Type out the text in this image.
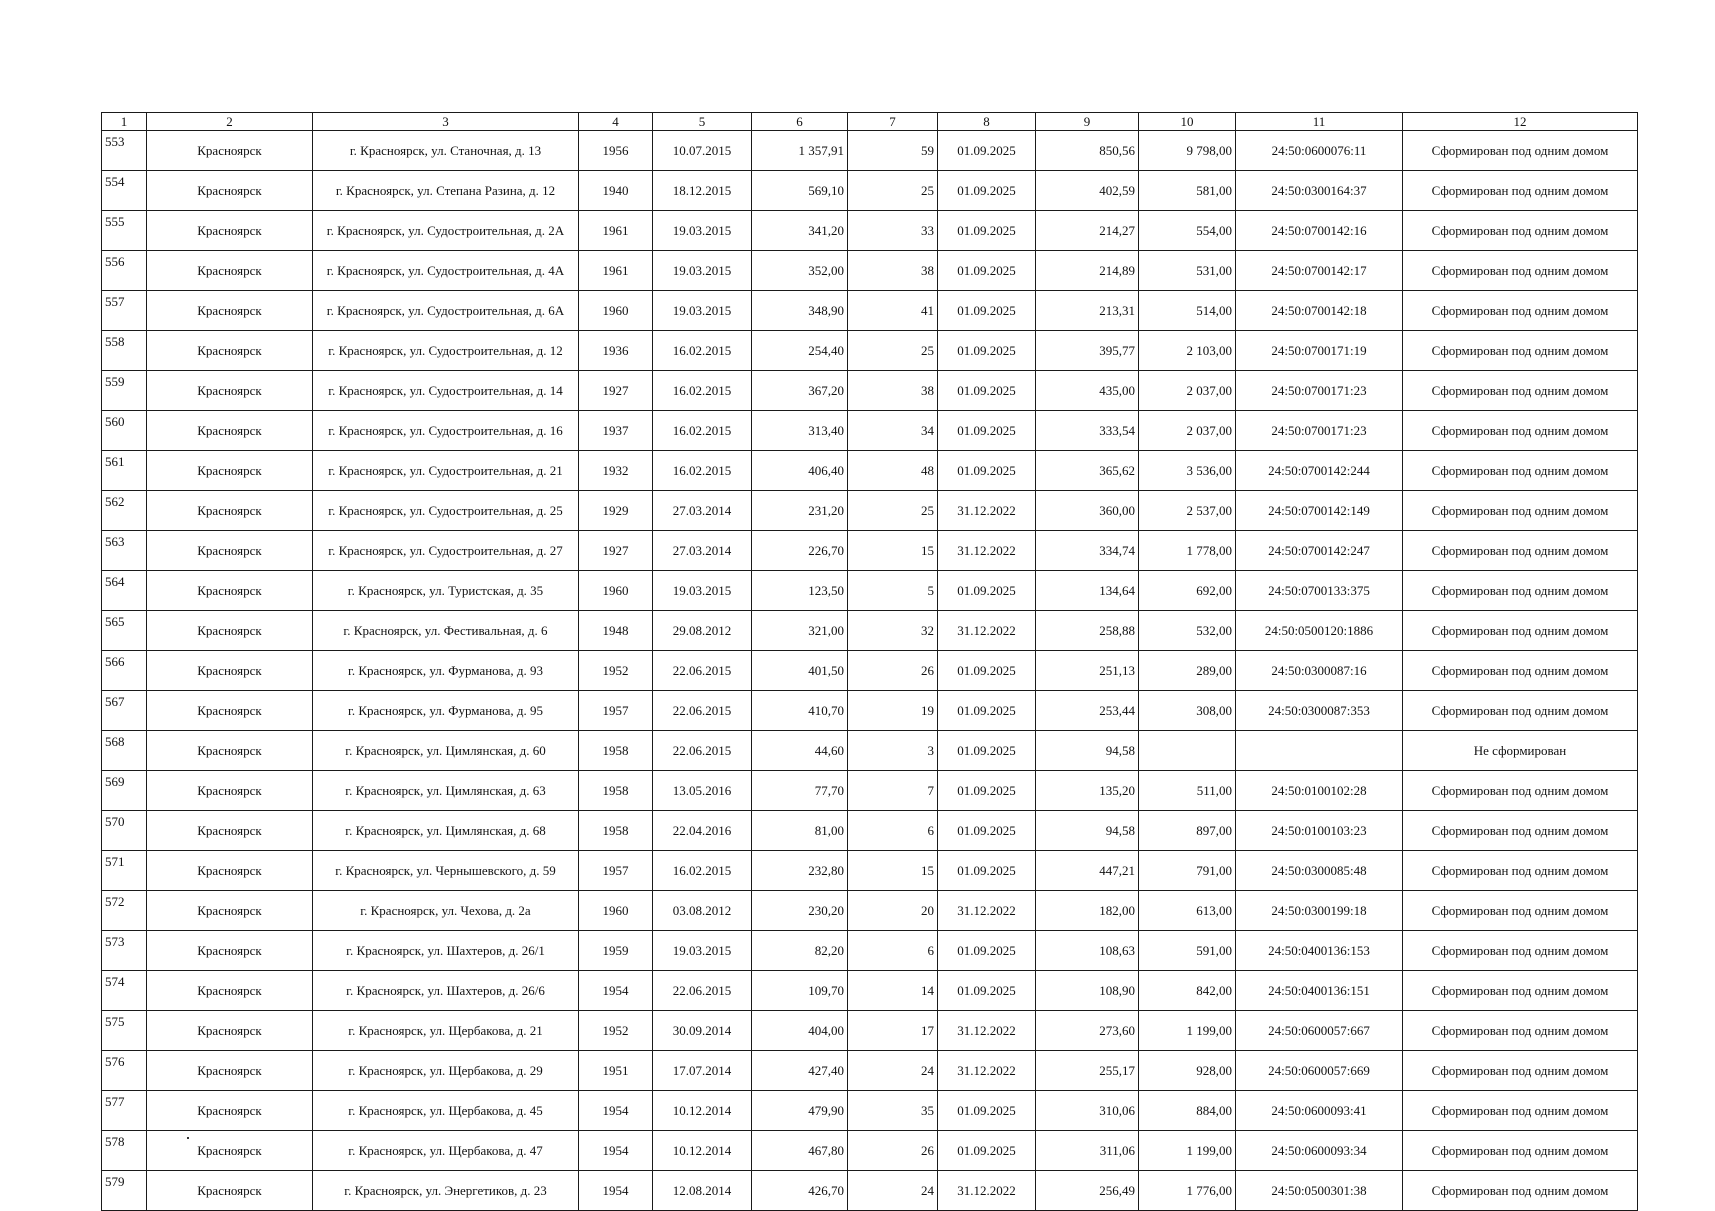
1	2	3	4	5	6	7	8	9	10	11	12
553	Красноярск	г. Красноярск, ул. Станочная, д. 13	1956	10.07.2015	1 357,91	59	01.09.2025	850,56	9 798,00	24:50:0600076:11	Сформирован под одним домом
554	Красноярск	г. Красноярск, ул. Степана Разина, д. 12	1940	18.12.2015	569,10	25	01.09.2025	402,59	581,00	24:50:0300164:37	Сформирован под одним домом
555	Красноярск	г. Красноярск, ул. Судостроительная, д. 2А	1961	19.03.2015	341,20	33	01.09.2025	214,27	554,00	24:50:0700142:16	Сформирован под одним домом
556	Красноярск	г. Красноярск, ул. Судостроительная, д. 4А	1961	19.03.2015	352,00	38	01.09.2025	214,89	531,00	24:50:0700142:17	Сформирован под одним домом
557	Красноярск	г. Красноярск, ул. Судостроительная, д. 6А	1960	19.03.2015	348,90	41	01.09.2025	213,31	514,00	24:50:0700142:18	Сформирован под одним домом
558	Красноярск	г. Красноярск, ул. Судостроительная, д. 12	1936	16.02.2015	254,40	25	01.09.2025	395,77	2 103,00	24:50:0700171:19	Сформирован под одним домом
559	Красноярск	г. Красноярск, ул. Судостроительная, д. 14	1927	16.02.2015	367,20	38	01.09.2025	435,00	2 037,00	24:50:0700171:23	Сформирован под одним домом
560	Красноярск	г. Красноярск, ул. Судостроительная, д. 16	1937	16.02.2015	313,40	34	01.09.2025	333,54	2 037,00	24:50:0700171:23	Сформирован под одним домом
561	Красноярск	г. Красноярск, ул. Судостроительная, д. 21	1932	16.02.2015	406,40	48	01.09.2025	365,62	3 536,00	24:50:0700142:244	Сформирован под одним домом
562	Красноярск	г. Красноярск, ул. Судостроительная, д. 25	1929	27.03.2014	231,20	25	31.12.2022	360,00	2 537,00	24:50:0700142:149	Сформирован под одним домом
563	Красноярск	г. Красноярск, ул. Судостроительная, д. 27	1927	27.03.2014	226,70	15	31.12.2022	334,74	1 778,00	24:50:0700142:247	Сформирован под одним домом
564	Красноярск	г. Красноярск, ул. Туристская, д. 35	1960	19.03.2015	123,50	5	01.09.2025	134,64	692,00	24:50:0700133:375	Сформирован под одним домом
565	Красноярск	г. Красноярск, ул. Фестивальная, д. 6	1948	29.08.2012	321,00	32	31.12.2022	258,88	532,00	24:50:0500120:1886	Сформирован под одним домом
566	Красноярск	г. Красноярск, ул. Фурманова, д. 93	1952	22.06.2015	401,50	26	01.09.2025	251,13	289,00	24:50:0300087:16	Сформирован под одним домом
567	Красноярск	г. Красноярск, ул. Фурманова, д. 95	1957	22.06.2015	410,70	19	01.09.2025	253,44	308,00	24:50:0300087:353	Сформирован под одним домом
568	Красноярск	г. Красноярск, ул. Цимлянская, д. 60	1958	22.06.2015	44,60	3	01.09.2025	94,58			Не сформирован
569	Красноярск	г. Красноярск, ул. Цимлянская, д. 63	1958	13.05.2016	77,70	7	01.09.2025	135,20	511,00	24:50:0100102:28	Сформирован под одним домом
570	Красноярск	г. Красноярск, ул. Цимлянская, д. 68	1958	22.04.2016	81,00	6	01.09.2025	94,58	897,00	24:50:0100103:23	Сформирован под одним домом
571	Красноярск	г. Красноярск, ул. Чернышевского, д. 59	1957	16.02.2015	232,80	15	01.09.2025	447,21	791,00	24:50:0300085:48	Сформирован под одним домом
572	Красноярск	г. Красноярск, ул. Чехова, д. 2а	1960	03.08.2012	230,20	20	31.12.2022	182,00	613,00	24:50:0300199:18	Сформирован под одним домом
573	Красноярск	г. Красноярск, ул. Шахтеров, д. 26/1	1959	19.03.2015	82,20	6	01.09.2025	108,63	591,00	24:50:0400136:153	Сформирован под одним домом
574	Красноярск	г. Красноярск, ул. Шахтеров, д. 26/6	1954	22.06.2015	109,70	14	01.09.2025	108,90	842,00	24:50:0400136:151	Сформирован под одним домом
575	Красноярск	г. Красноярск, ул. Щербакова, д. 21	1952	30.09.2014	404,00	17	31.12.2022	273,60	1 199,00	24:50:0600057:667	Сформирован под одним домом
576	Красноярск	г. Красноярск, ул. Щербакова, д. 29	1951	17.07.2014	427,40	24	31.12.2022	255,17	928,00	24:50:0600057:669	Сформирован под одним домом
577	Красноярск	г. Красноярск, ул. Щербакова, д. 45	1954	10.12.2014	479,90	35	01.09.2025	310,06	884,00	24:50:0600093:41	Сформирован под одним домом
578	Красноярск	г. Красноярск, ул. Щербакова, д. 47	1954	10.12.2014	467,80	26	01.09.2025	311,06	1 199,00	24:50:0600093:34	Сформирован под одним домом
579	Красноярск	г. Красноярск, ул. Энергетиков, д. 23	1954	12.08.2014	426,70	24	31.12.2022	256,49	1 776,00	24:50:0500301:38	Сформирован под одним домом
